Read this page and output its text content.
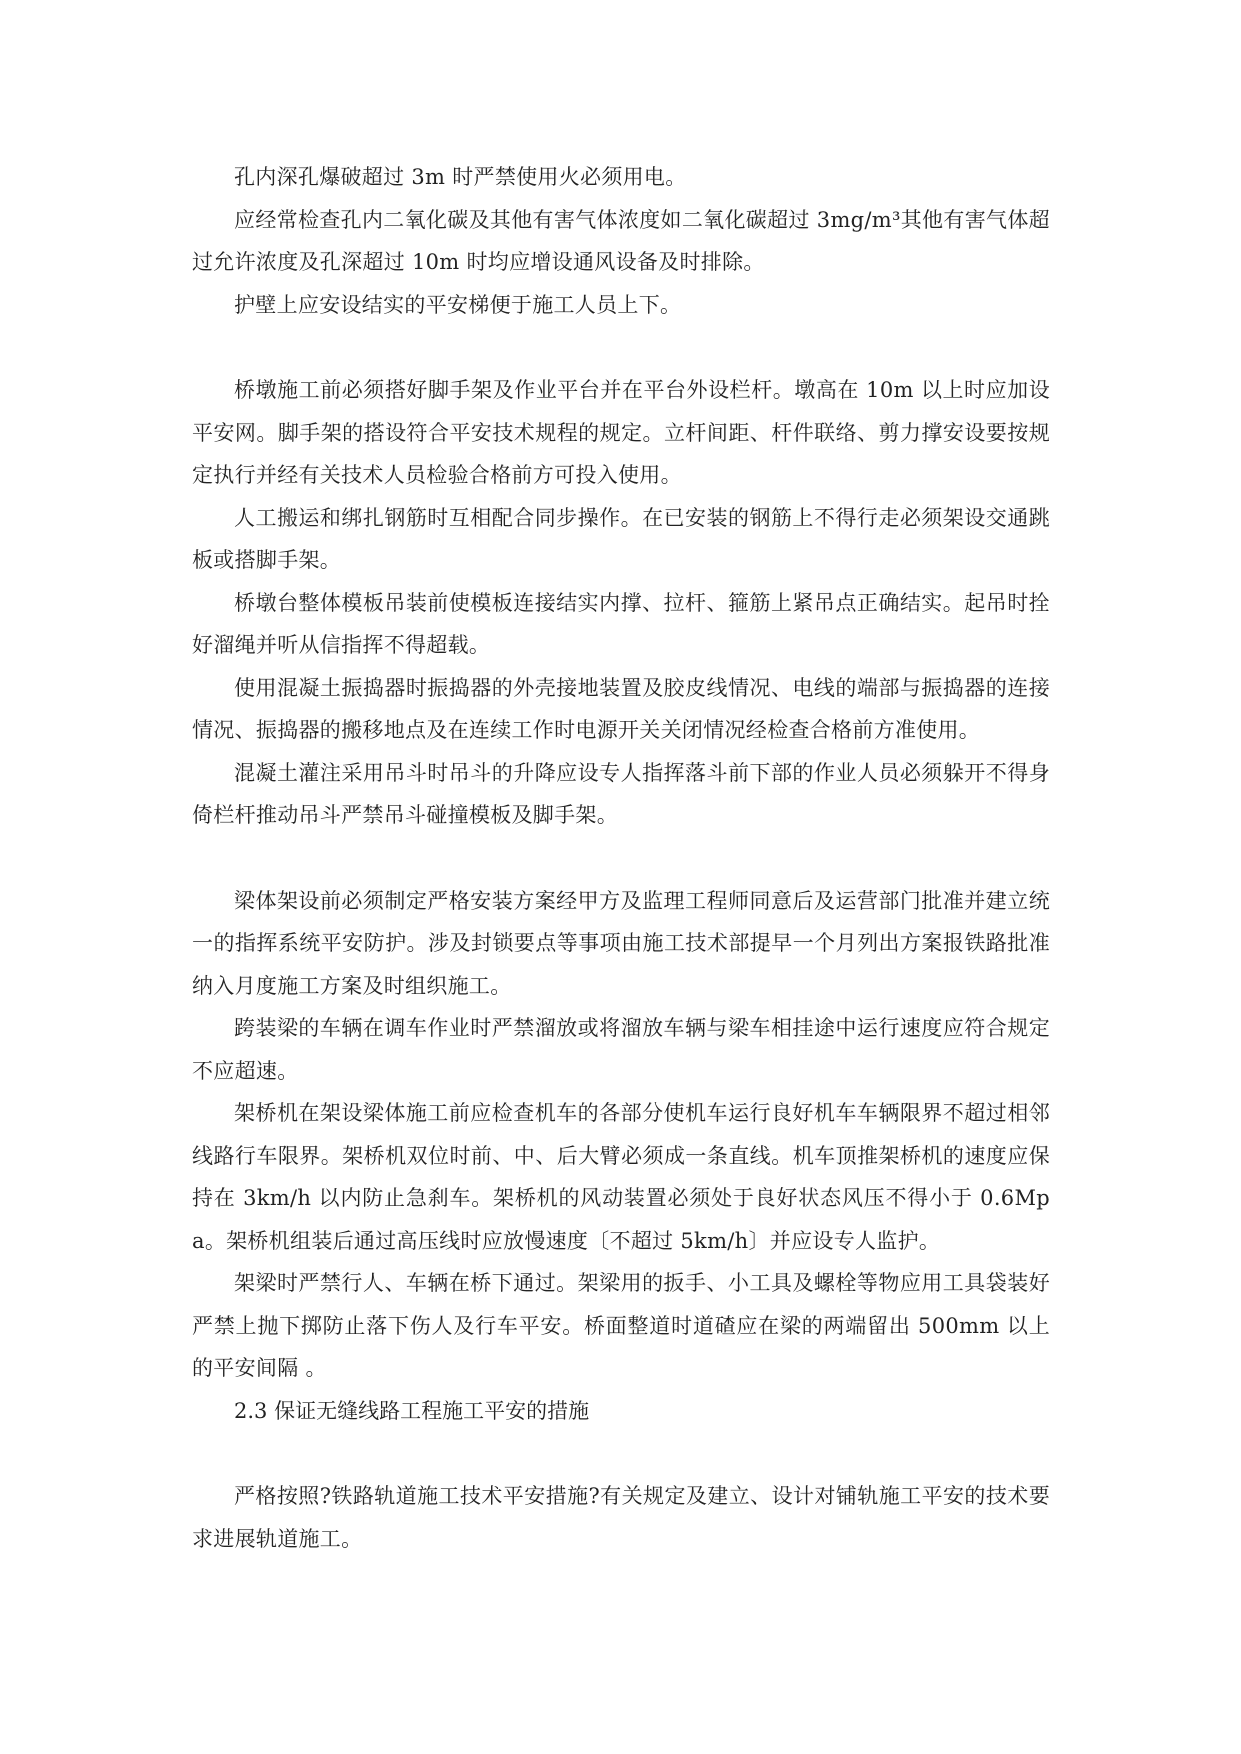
孔内深孔爆破超过 3m 时严禁使用火必须用电。

应经常检查孔内二氧化碳及其他有害气体浓度如二氧化碳超过 3mg/m³其他有害气体超过允许浓度及孔深超过 10m 时均应增设通风设备及时排除。

护壁上应安设结实的平安梯便于施工人员上下。

桥墩施工前必须搭好脚手架及作业平台并在平台外设栏杆。墩高在 10m 以上时应加设平安网。脚手架的搭设符合平安技术规程的规定。立杆间距、杆件联络、剪力撑安设要按规定执行并经有关技术人员检验合格前方可投入使用。

人工搬运和绑扎钢筋时互相配合同步操作。在已安装的钢筋上不得行走必须架设交通跳板或搭脚手架。

桥墩台整体模板吊装前使模板连接结实内撑、拉杆、箍筋上紧吊点正确结实。起吊时拴好溜绳并听从信指挥不得超载。

使用混凝土振捣器时振捣器的外壳接地装置及胶皮线情况、电线的端部与振捣器的连接情况、振捣器的搬移地点及在连续工作时电源开关关闭情况经检查合格前方准使用。

混凝土灌注采用吊斗时吊斗的升降应设专人指挥落斗前下部的作业人员必须躲开不得身倚栏杆推动吊斗严禁吊斗碰撞模板及脚手架。

梁体架设前必须制定严格安装方案经甲方及监理工程师同意后及运营部门批准并建立统一的指挥系统平安防护。涉及封锁要点等事项由施工技术部提早一个月列出方案报铁路批准纳入月度施工方案及时组织施工。

跨装梁的车辆在调车作业时严禁溜放或将溜放车辆与梁车相挂途中运行速度应符合规定不应超速。

架桥机在架设梁体施工前应检查机车的各部分使机车运行良好机车车辆限界不超过相邻线路行车限界。架桥机双位时前、中、后大臂必须成一条直线。机车顶推架桥机的速度应保持在 3km/h 以内防止急刹车。架桥机的风动装置必须处于良好状态风压不得小于 0.6Mpa。架桥机组装后通过高压线时应放慢速度〔不超过 5km/h〕并应设专人监护。

架梁时严禁行人、车辆在桥下通过。架梁用的扳手、小工具及螺栓等物应用工具袋装好严禁上抛下掷防止落下伤人及行车平安。桥面整道时道碴应在梁的两端留出 500mm 以上的平安间隔 。

2.3 保证无缝线路工程施工平安的措施

严格按照?铁路轨道施工技术平安措施?有关规定及建立、设计对铺轨施工平安的技术要求进展轨道施工。
